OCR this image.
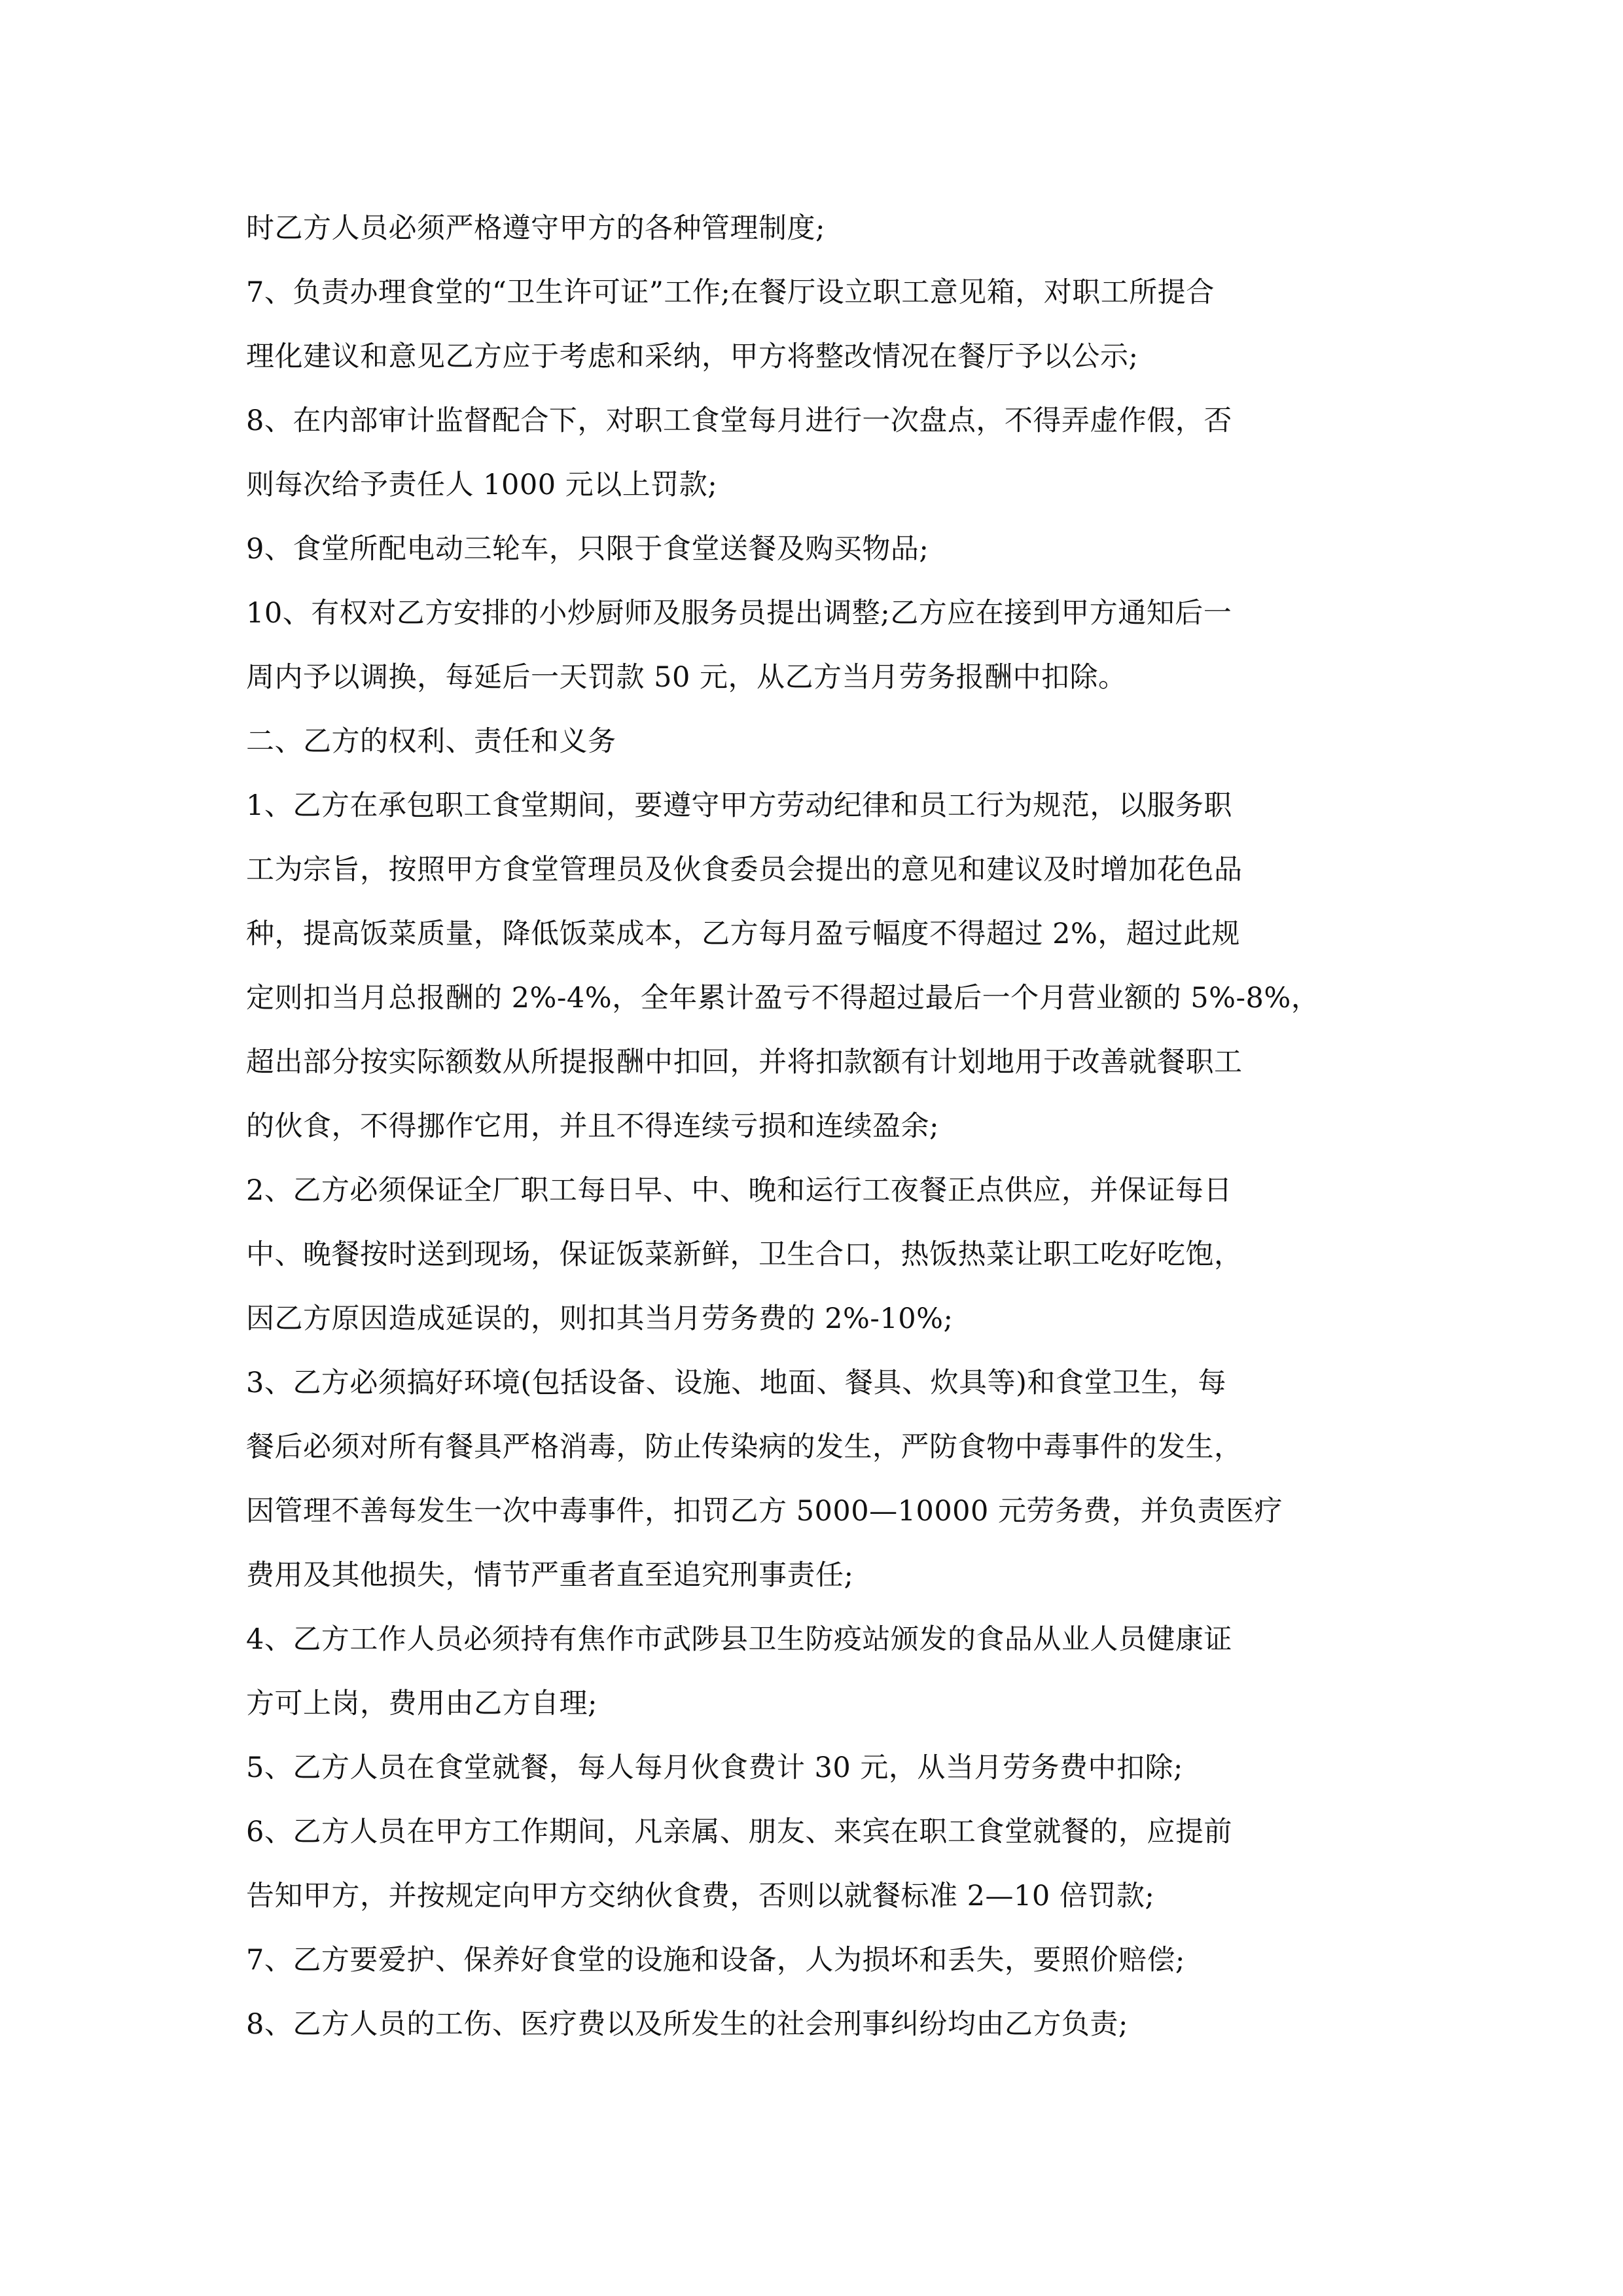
时乙方人员必须严格遵守甲方的各种管理制度;
7、负责办理食堂的“卫生许可证”工作;在餐厅设立职工意见箱，对职工所提合
理化建议和意见乙方应于考虑和采纳，甲方将整改情况在餐厅予以公示;
8、在内部审计监督配合下，对职工食堂每月进行一次盘点，不得弄虚作假，否
则每次给予责任人 1000 元以上罚款;
9、食堂所配电动三轮车，只限于食堂送餐及购买物品;
10、有权对乙方安排的小炒厨师及服务员提出调整;乙方应在接到甲方通知后一
周内予以调换，每延后一天罚款 50 元，从乙方当月劳务报酬中扣除。
二、乙方的权利、责任和义务
1、乙方在承包职工食堂期间，要遵守甲方劳动纪律和员工行为规范，以服务职
工为宗旨，按照甲方食堂管理员及伙食委员会提出的意见和建议及时增加花色品
种，提高饭菜质量，降低饭菜成本，乙方每月盈亏幅度不得超过 2%，超过此规
定则扣当月总报酬的 2%-4%，全年累计盈亏不得超过最后一个月营业额的 5%-8%，
超出部分按实际额数从所提报酬中扣回，并将扣款额有计划地用于改善就餐职工
的伙食，不得挪作它用，并且不得连续亏损和连续盈余;
2、乙方必须保证全厂职工每日早、中、晚和运行工夜餐正点供应，并保证每日
中、晚餐按时送到现场，保证饭菜新鲜，卫生合口，热饭热菜让职工吃好吃饱，
因乙方原因造成延误的，则扣其当月劳务费的 2%-10%;
3、乙方必须搞好环境(包括设备、设施、地面、餐具、炊具等)和食堂卫生，每
餐后必须对所有餐具严格消毒，防止传染病的发生，严防食物中毒事件的发生，
因管理不善每发生一次中毒事件，扣罚乙方 5000—10000 元劳务费，并负责医疗
费用及其他损失，情节严重者直至追究刑事责任;
4、乙方工作人员必须持有焦作市武陟县卫生防疫站颁发的食品从业人员健康证
方可上岗，费用由乙方自理;
5、乙方人员在食堂就餐，每人每月伙食费计 30 元，从当月劳务费中扣除;
6、乙方人员在甲方工作期间，凡亲属、朋友、来宾在职工食堂就餐的，应提前
告知甲方，并按规定向甲方交纳伙食费，否则以就餐标准 2—10 倍罚款;
7、乙方要爱护、保养好食堂的设施和设备，人为损坏和丢失，要照价赔偿;
8、乙方人员的工伤、医疗费以及所发生的社会刑事纠纷均由乙方负责;
